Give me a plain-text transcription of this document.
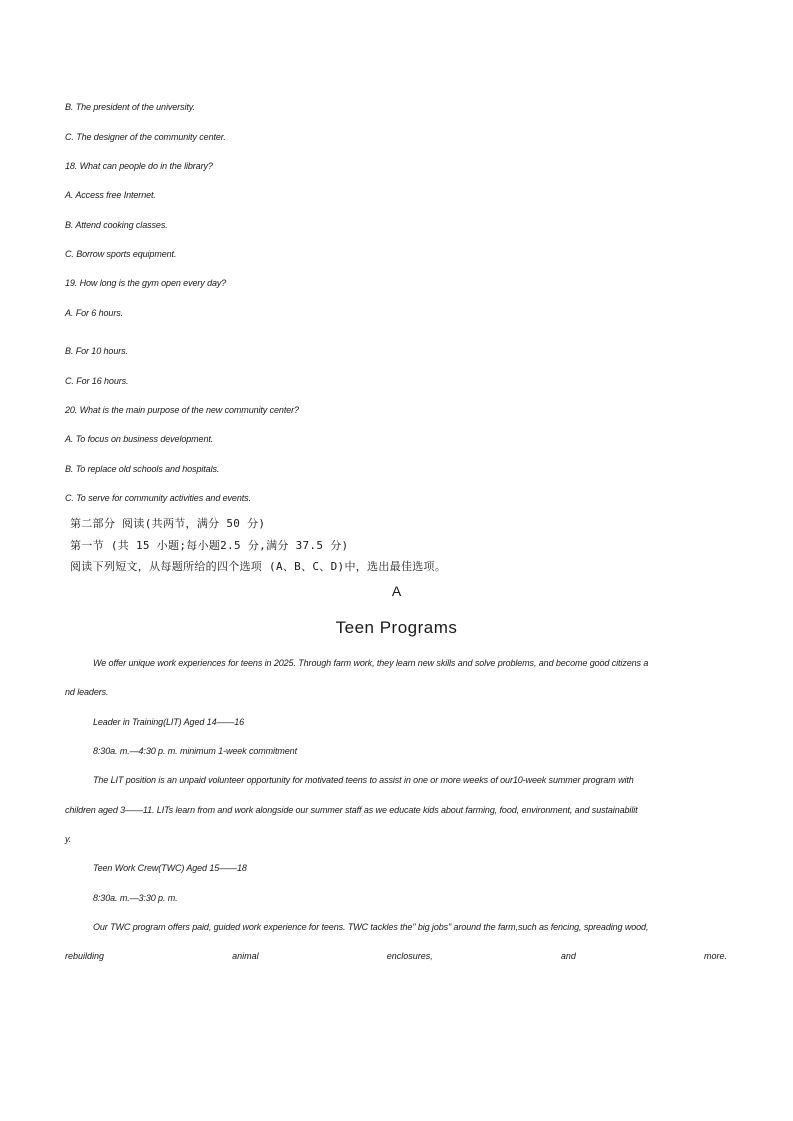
B. The president of the university.
C. The designer of the community center.
18. What can people do in the library?
A. Access free Internet.
B. Attend cooking classes.
C. Borrow sports equipment.
19. How long is the gym open every day?
A. For 6 hours.
B. For 10 hours.
C. For 16 hours.
20. What is the main purpose of the new community center?
A. To focus on business development.
B. To replace old schools and hospitals.
C. To serve for community activities and events.
第二部分 阅读(共两节，满分 50 分)
第一节 (共 15 小题;每小题2.5 分,满分 37.5 分)
阅读下列短文，从每题所给的四个选项 (A、B、C、D)中，选出最佳选项。
A
Teen Programs
We offer unique work experiences for teens in 2025. Through farm work, they learn new skills and solve problems, and become good citizens a
nd leaders.
Leader in Training(LIT) Aged 14——16
8:30a. m.—4:30 p. m. minimum 1-week commitment
The LIT position is an unpaid volunteer opportunity for motivated teens to assist in one or more weeks of our10-week summer program with
children aged 3——11. LITs learn from and work alongside our summer staff as we educate kids about farming, food, environment, and sustainabilit
y.
Teen Work Crew(TWC) Aged 15——18
8:30a. m.—3:30 p. m.
Our TWC program offers paid, guided work experience for teens. TWC tackles the" big jobs" around the farm,such as fencing, spreading wood,
rebuilding	animal	enclosures,	and	more.
